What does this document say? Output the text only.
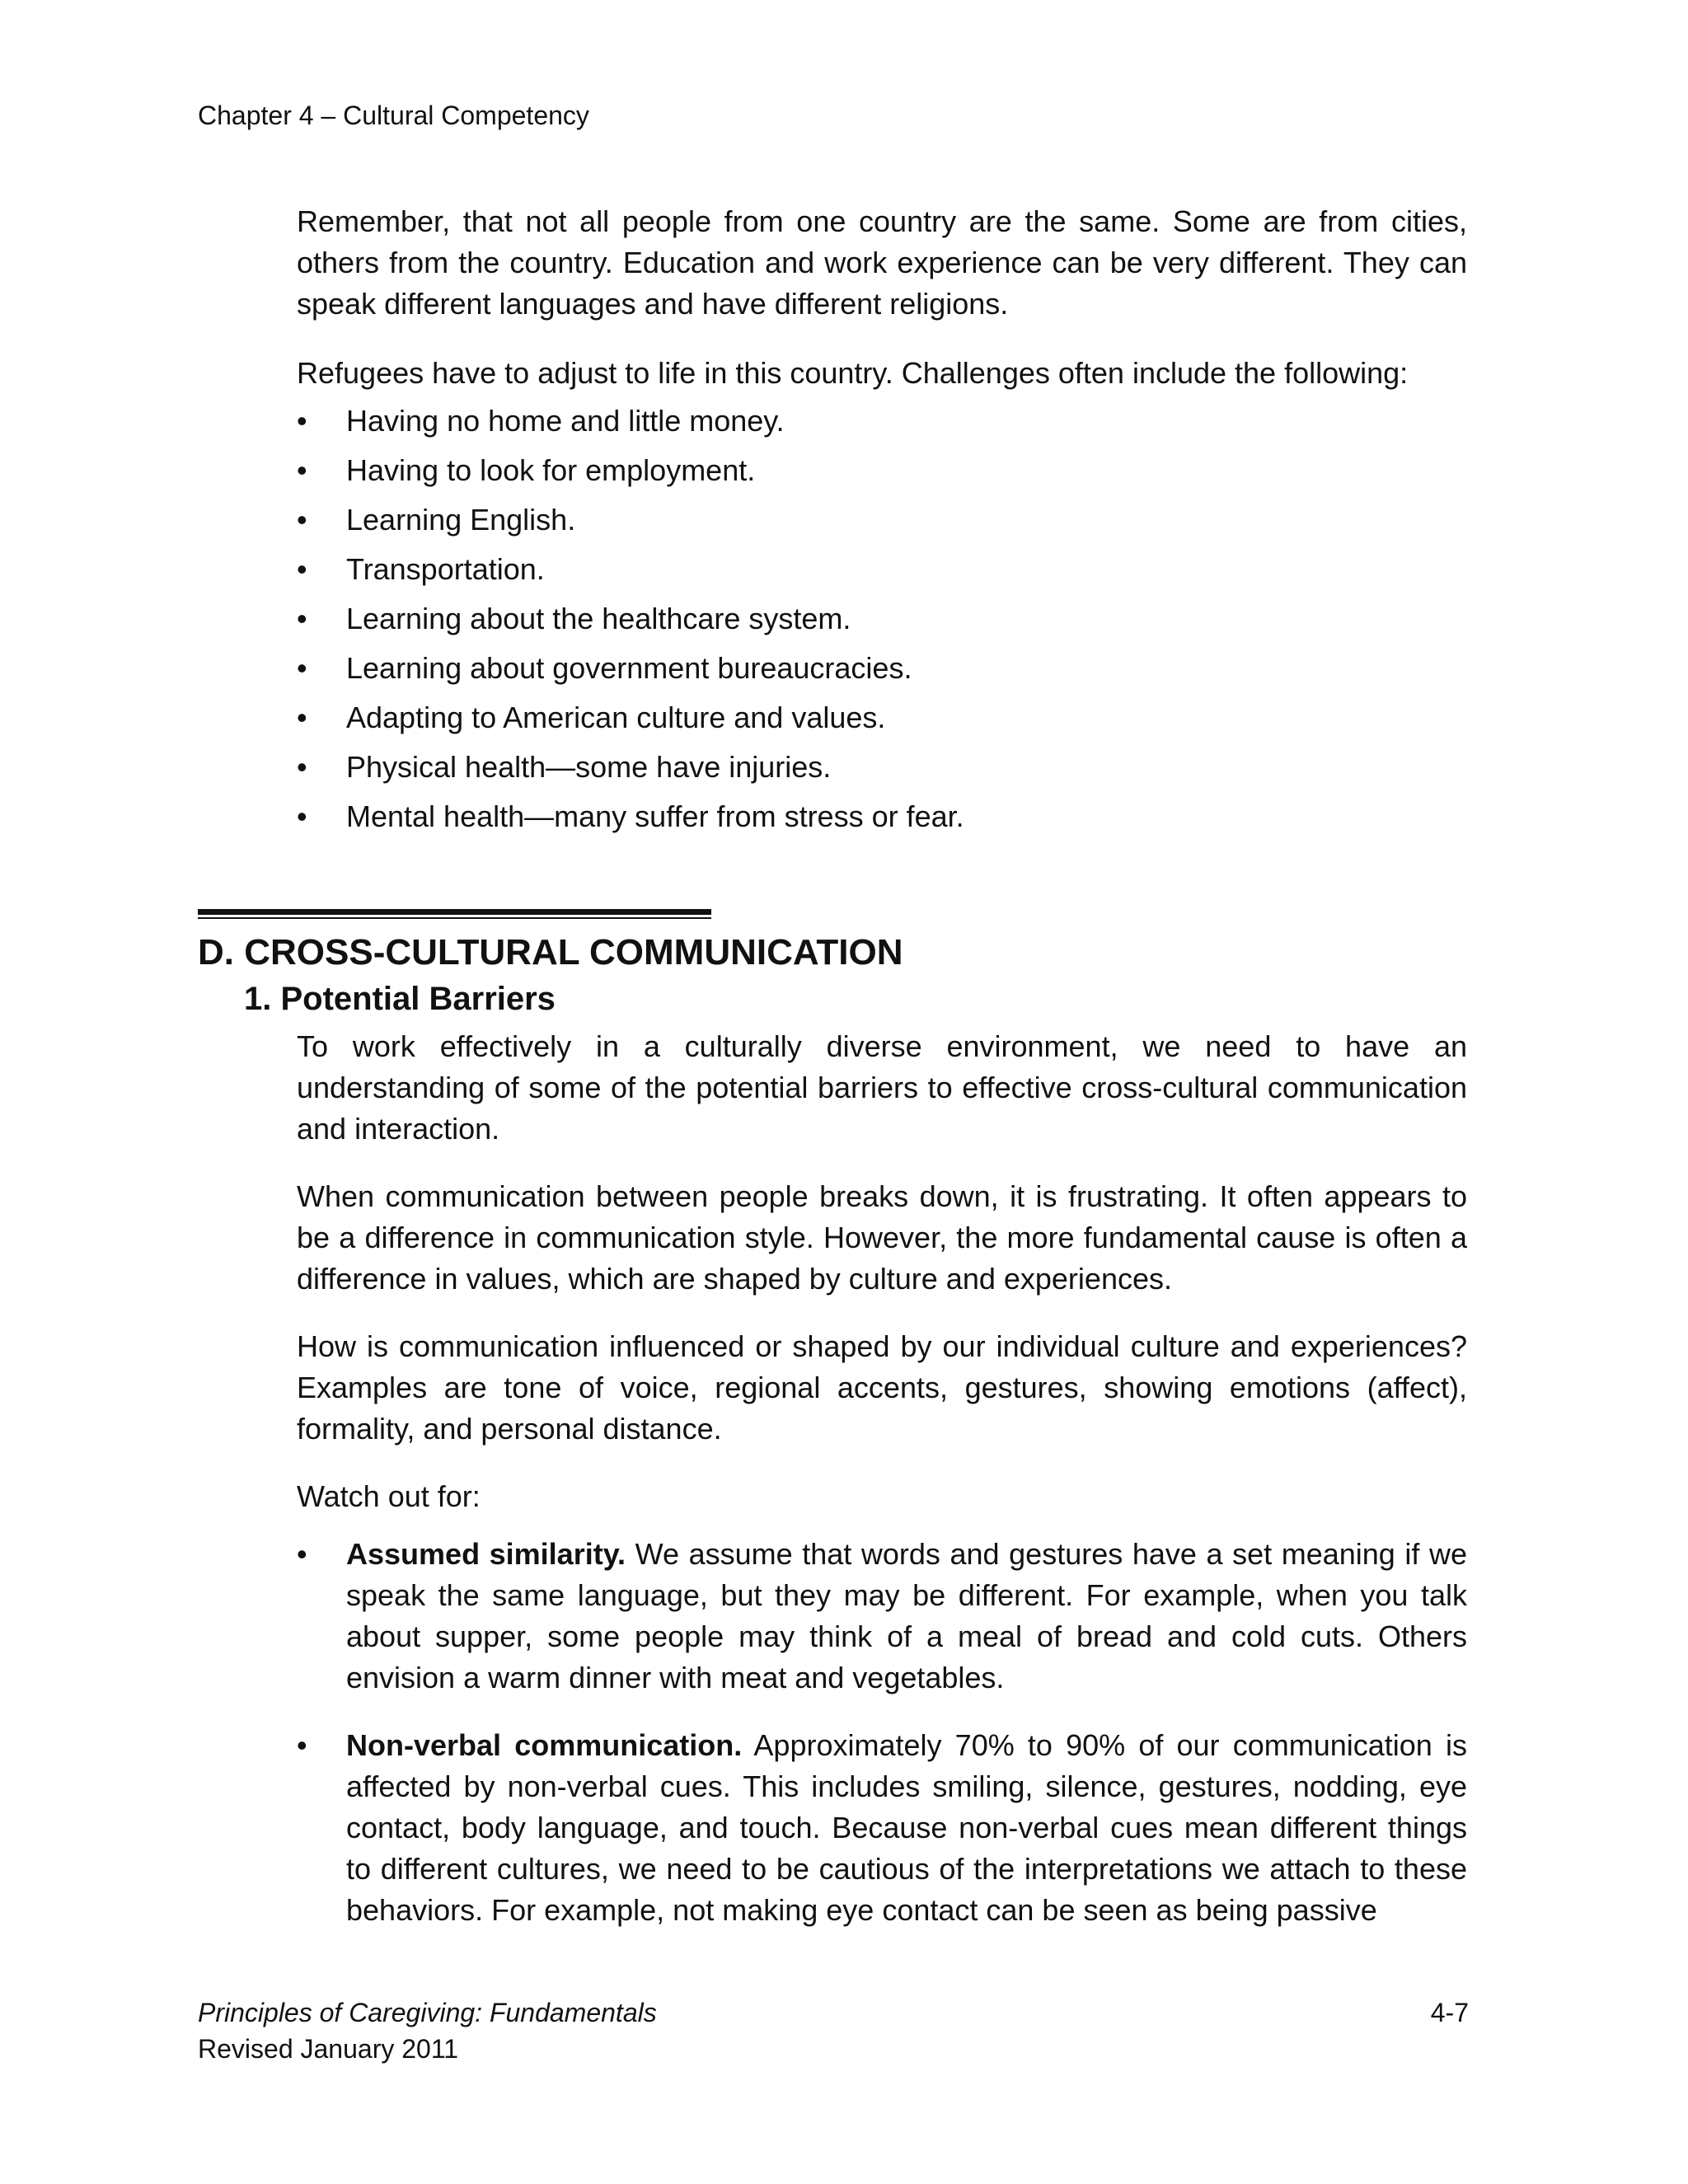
Chapter 4 – Cultural Competency

Remember, that not all people from one country are the same. Some are from cities, others from the country. Education and work experience can be very different. They can speak different languages and have different religions.

Refugees have to adjust to life in this country. Challenges often include the following:

• Having no home and little money.
• Having to look for employment.
• Learning English.
• Transportation.
• Learning about the healthcare system.
• Learning about government bureaucracies.
• Adapting to American culture and values.
• Physical health—some have injuries.
• Mental health—many suffer from stress or fear.
D. CROSS-CULTURAL COMMUNICATION
1. Potential Barriers

To work effectively in a culturally diverse environment, we need to have an understanding of some of the potential barriers to effective cross-cultural communication and interaction.

When communication between people breaks down, it is frustrating. It often appears to be a difference in communication style. However, the more fundamental cause is often a difference in values, which are shaped by culture and experiences.

How is communication influenced or shaped by our individual culture and experiences? Examples are tone of voice, regional accents, gestures, showing emotions (affect), formality, and personal distance.

Watch out for:

• Assumed similarity. We assume that words and gestures have a set meaning if we speak the same language, but they may be different. For example, when you talk about supper, some people may think of a meal of bread and cold cuts. Others envision a warm dinner with meat and vegetables.
• Non-verbal communication. Approximately 70% to 90% of our communication is affected by non-verbal cues. This includes smiling, silence, gestures, nodding, eye contact, body language, and touch. Because non-verbal cues mean different things to different cultures, we need to be cautious of the interpretations we attach to these behaviors. For example, not making eye contact can be seen as being passive
Principles of Caregiving: Fundamentals
Revised January 2011
4-7
